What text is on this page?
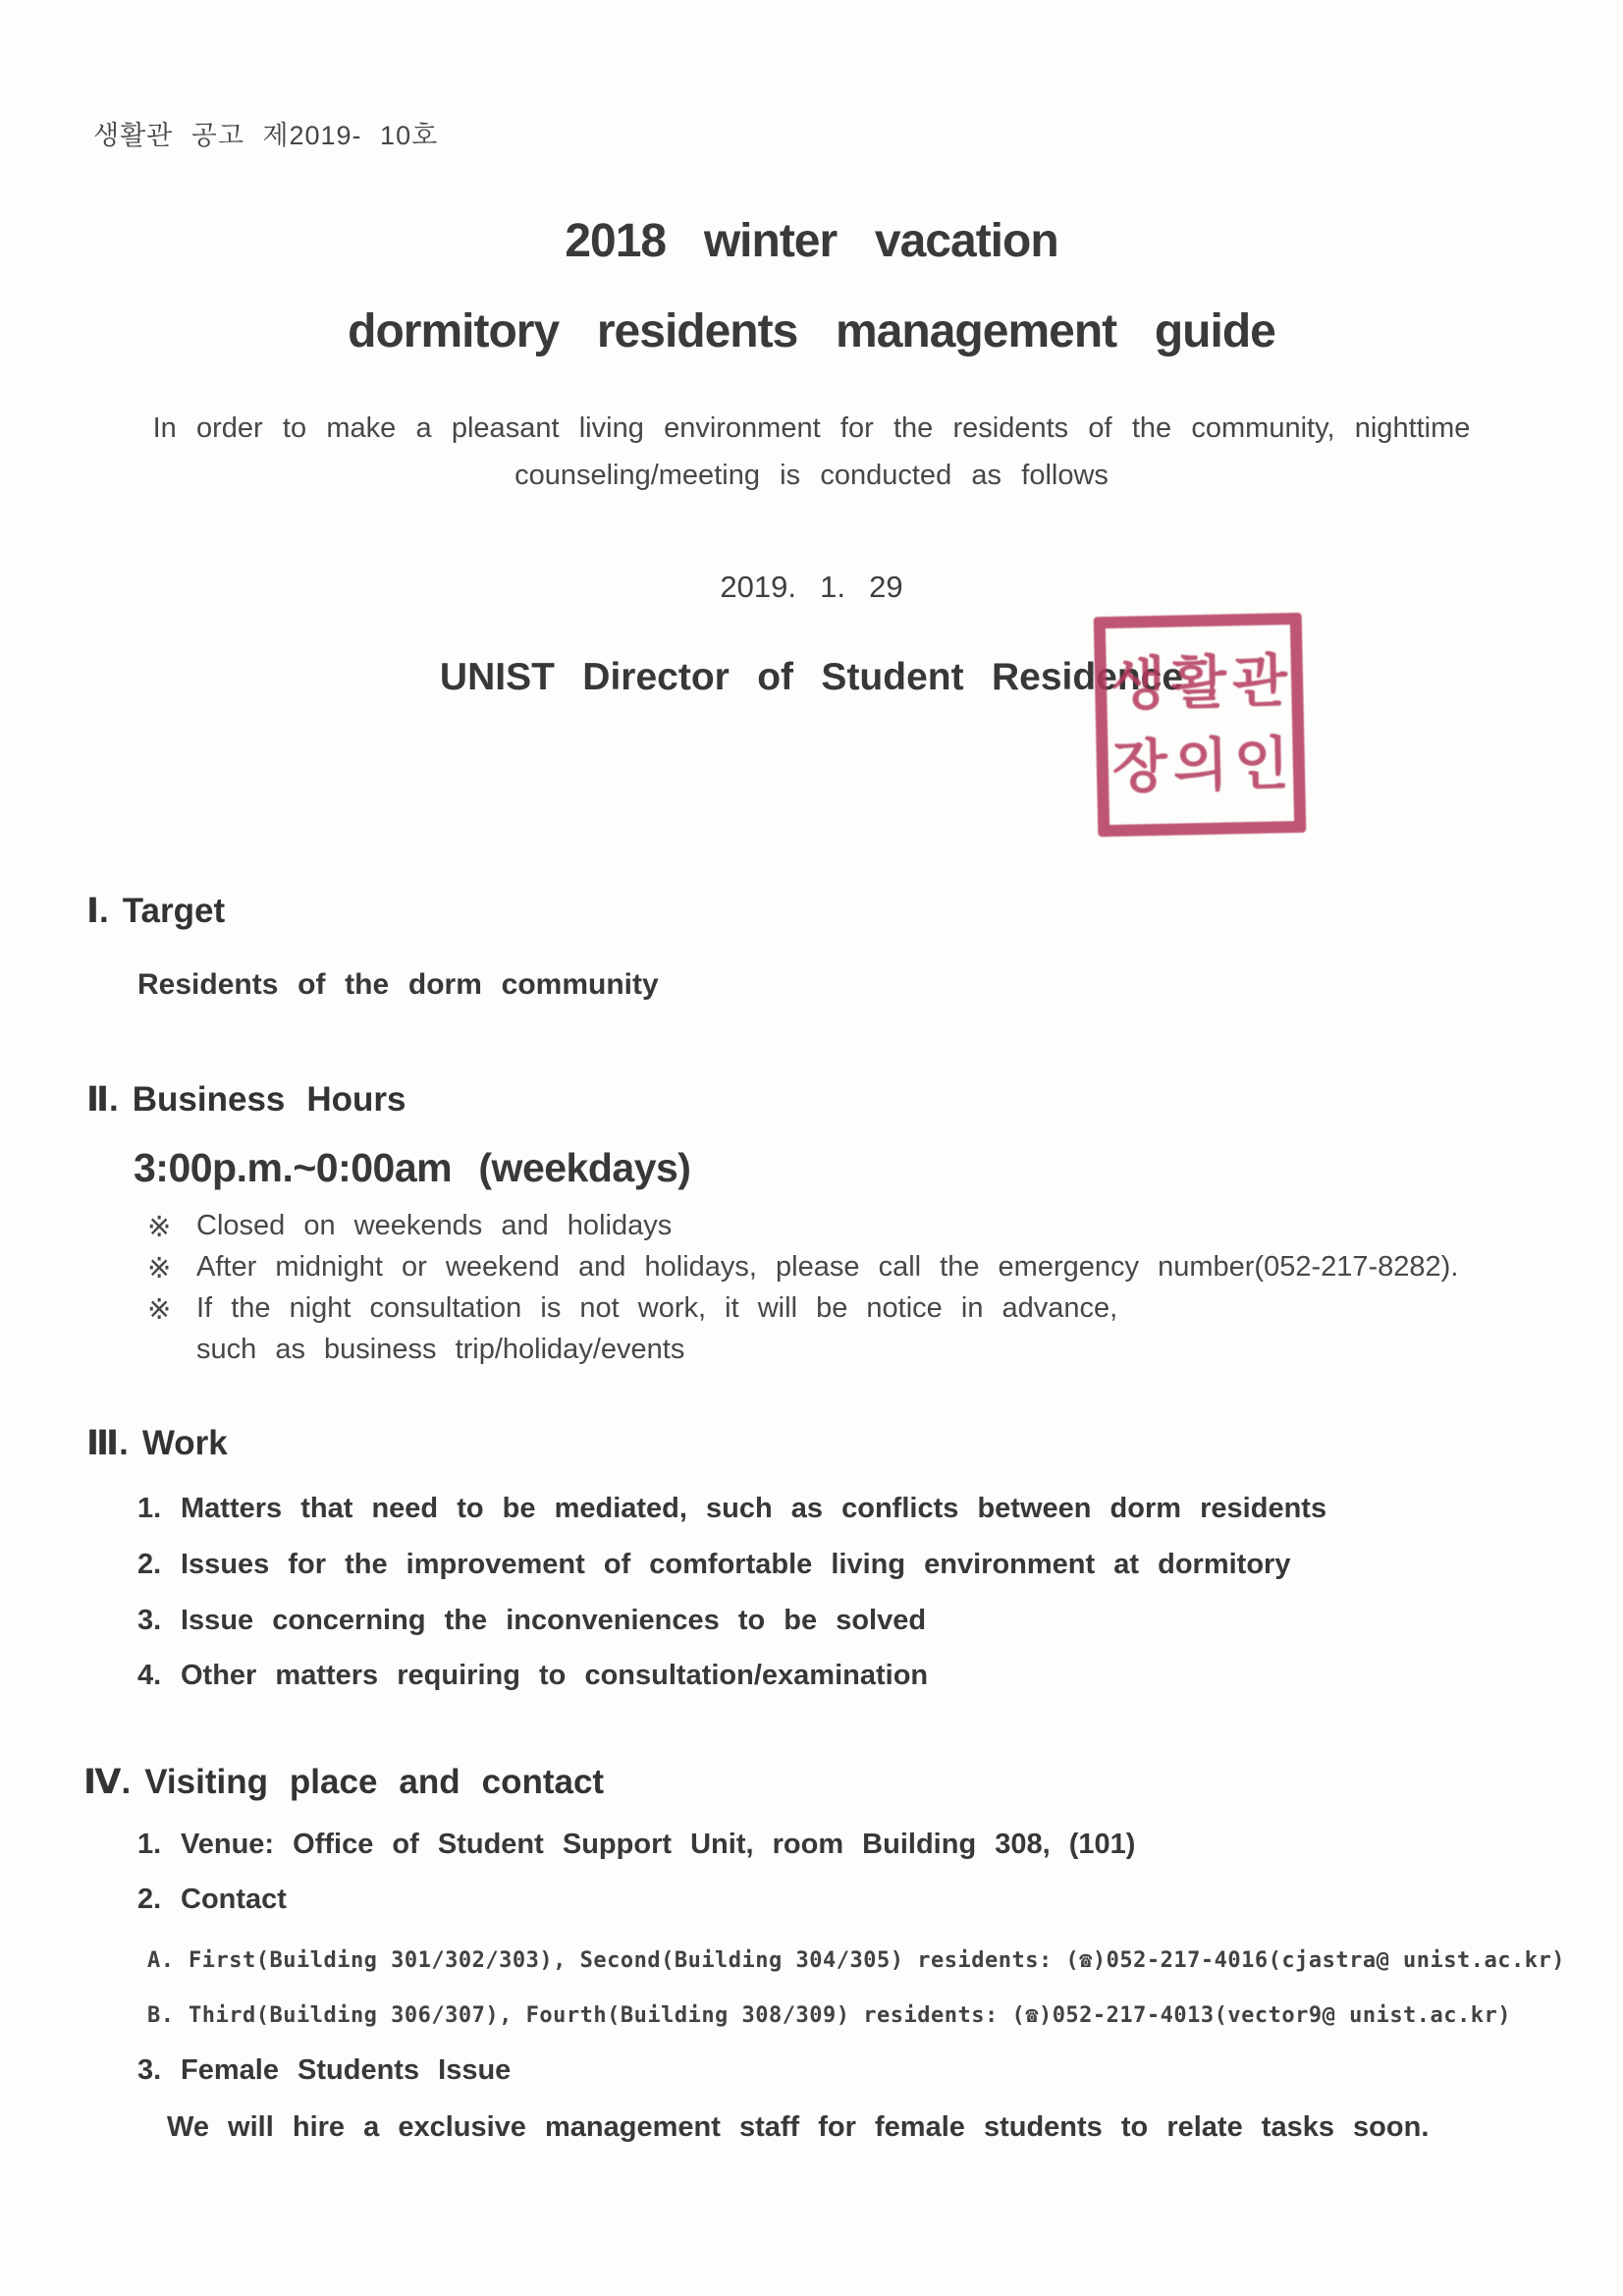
생활관 공고 제2019- 10호
2018 winter vacation
dormitory residents management guide
In order to make a pleasant living environment for the residents of the community, nighttime
counseling/meeting is conducted as follows
2019. 1. 29
UNIST Director of Student Residence
생활관
장의인
Ⅰ. Target
Residents of the dorm community
Ⅱ. Business Hours
3:00p.m.~0:00am (weekdays)
※ Closed on weekends and holidays
※ After midnight or weekend and holidays, please call the emergency number(052-217-8282).
※ If the night consultation is not work, it will be notice in advance,
such as business trip/holiday/events
Ⅲ. Work
1. Matters that need to be mediated, such as conflicts between dorm residents
2. Issues for the improvement of comfortable living environment at dormitory
3. Issue concerning the inconveniences to be solved
4. Other matters requiring to consultation/examination
Ⅳ. Visiting place and contact
1. Venue: Office of Student Support Unit, room Building 308, (101)
2. Contact
A. First(Building 301/302/303), Second(Building 304/305) residents: (☎)052-217-4016(cjastra@ unist.ac.kr)
B. Third(Building 306/307), Fourth(Building 308/309) residents: (☎)052-217-4013(vector9@ unist.ac.kr)
3. Female Students Issue
We will hire a exclusive management staff for female students to relate tasks soon.
